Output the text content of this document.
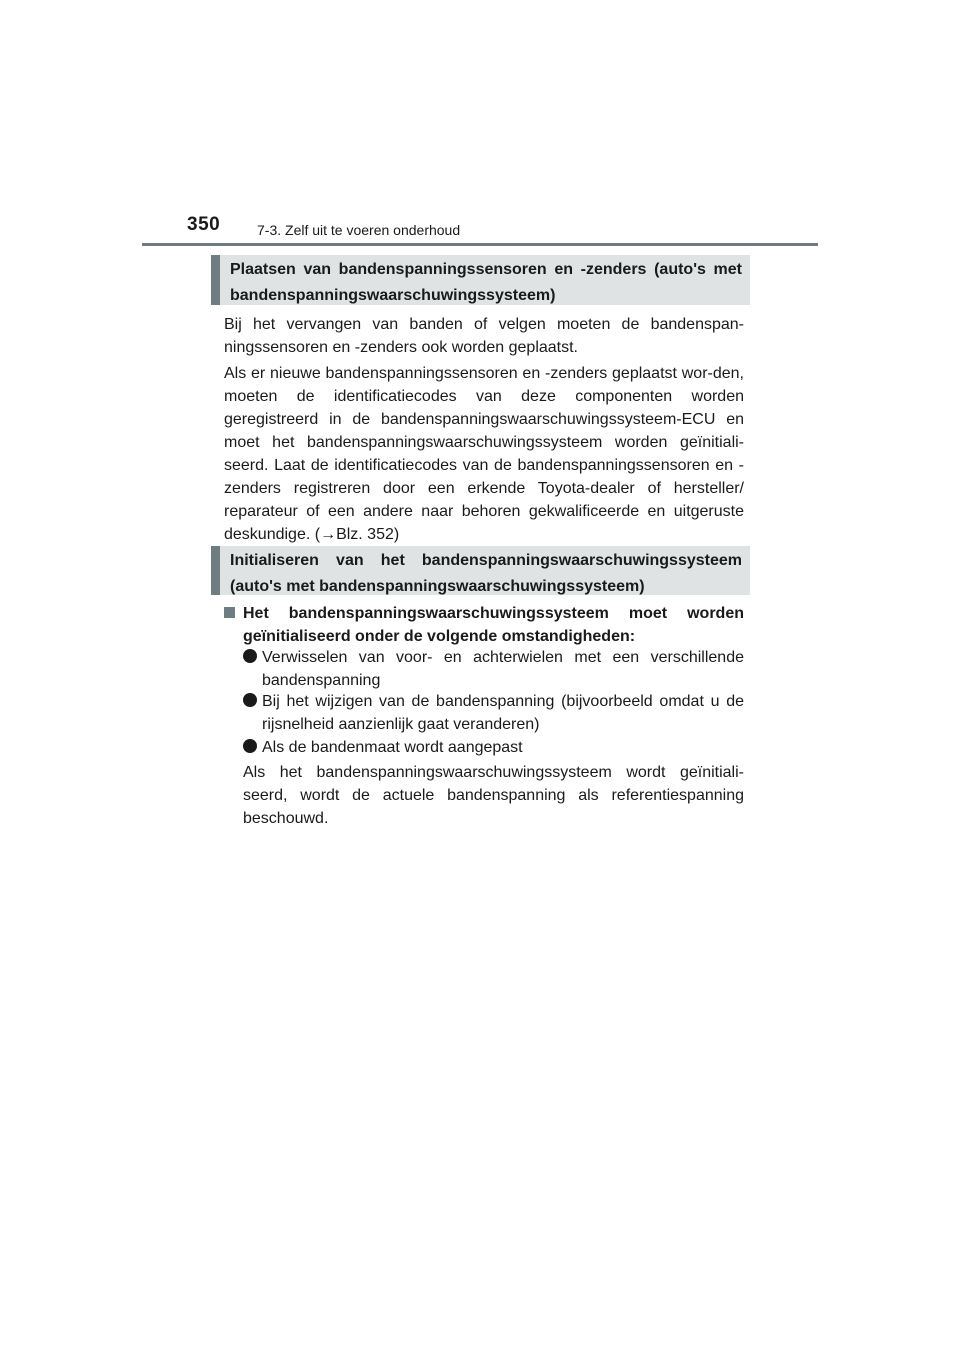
350	7-3. Zelf uit te voeren onderhoud
Plaatsen van bandenspanningssensoren en -zenders (auto's met bandenspanningswaarschuwingssysteem)

Bij het vervangen van banden of velgen moeten de bandenspan-ningssensoren en -zenders ook worden geplaatst.

Als er nieuwe bandenspanningssensoren en -zenders geplaatst wor-den, moeten de identificatiecodes van deze componenten worden geregistreerd in de bandenspanningswaarschuwingssysteem-ECU en moet het bandenspanningswaarschuwingssysteem worden geïnitiali-seerd. Laat de identificatiecodes van de bandenspanningssensoren en -zenders registreren door een erkende Toyota-dealer of hersteller/ reparateur of een andere naar behoren gekwalificeerde en uitgeruste deskundige. (→Blz. 352)

Initialiseren van het bandenspanningswaarschuwingssysteem (auto's met bandenspanningswaarschuwingssysteem)
Het bandenspanningswaarschuwingssysteem moet worden geïnitialiseerd onder de volgende omstandigheden:
Verwisselen van voor- en achterwielen met een verschillende bandenspanning
Bij het wijzigen van de bandenspanning (bijvoorbeeld omdat u de rijsnelheid aanzienlijk gaat veranderen)
Als de bandenmaat wordt aangepast

Als het bandenspanningswaarschuwingssysteem wordt geïnitiali-seerd, wordt de actuele bandenspanning als referentiespanning beschouwd.
